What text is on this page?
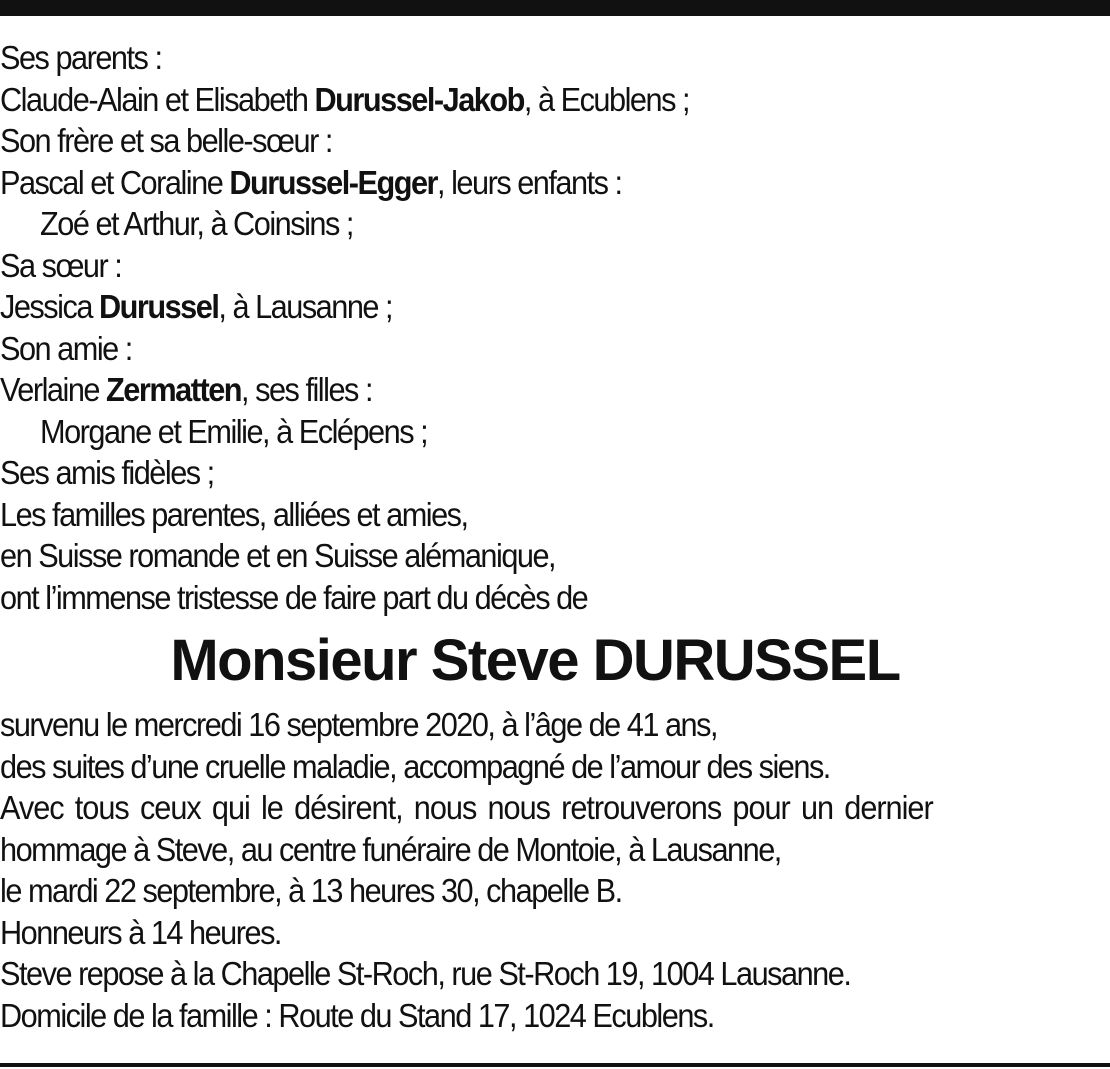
Ses parents :
Claude-Alain et Elisabeth Durussel-Jakob, à Ecublens ;
Son frère et sa belle-sœur :
Pascal et Coraline Durussel-Egger, leurs enfants :
Zoé et Arthur, à Coinsins ;
Sa sœur :
Jessica Durussel, à Lausanne ;
Son amie :
Verlaine Zermatten, ses filles :
Morgane et Emilie, à Eclépens ;
Ses amis fidèles ;
Les familles parentes, alliées et amies,
en Suisse romande et en Suisse alémanique,
ont l’immense tristesse de faire part du décès de
Monsieur Steve DURUSSEL
survenu le mercredi 16 septembre 2020, à l’âge de 41 ans,
des suites d’une cruelle maladie, accompagné de l’amour des siens.
Avec tous ceux qui le désirent, nous nous retrouverons pour un dernier
hommage à Steve, au centre funéraire de Montoie, à Lausanne,
le mardi 22 septembre, à 13 heures 30, chapelle B.
Honneurs à 14 heures.
Steve repose à la Chapelle St-Roch, rue St-Roch 19, 1004 Lausanne.
Domicile de la famille : Route du Stand 17, 1024 Ecublens.
